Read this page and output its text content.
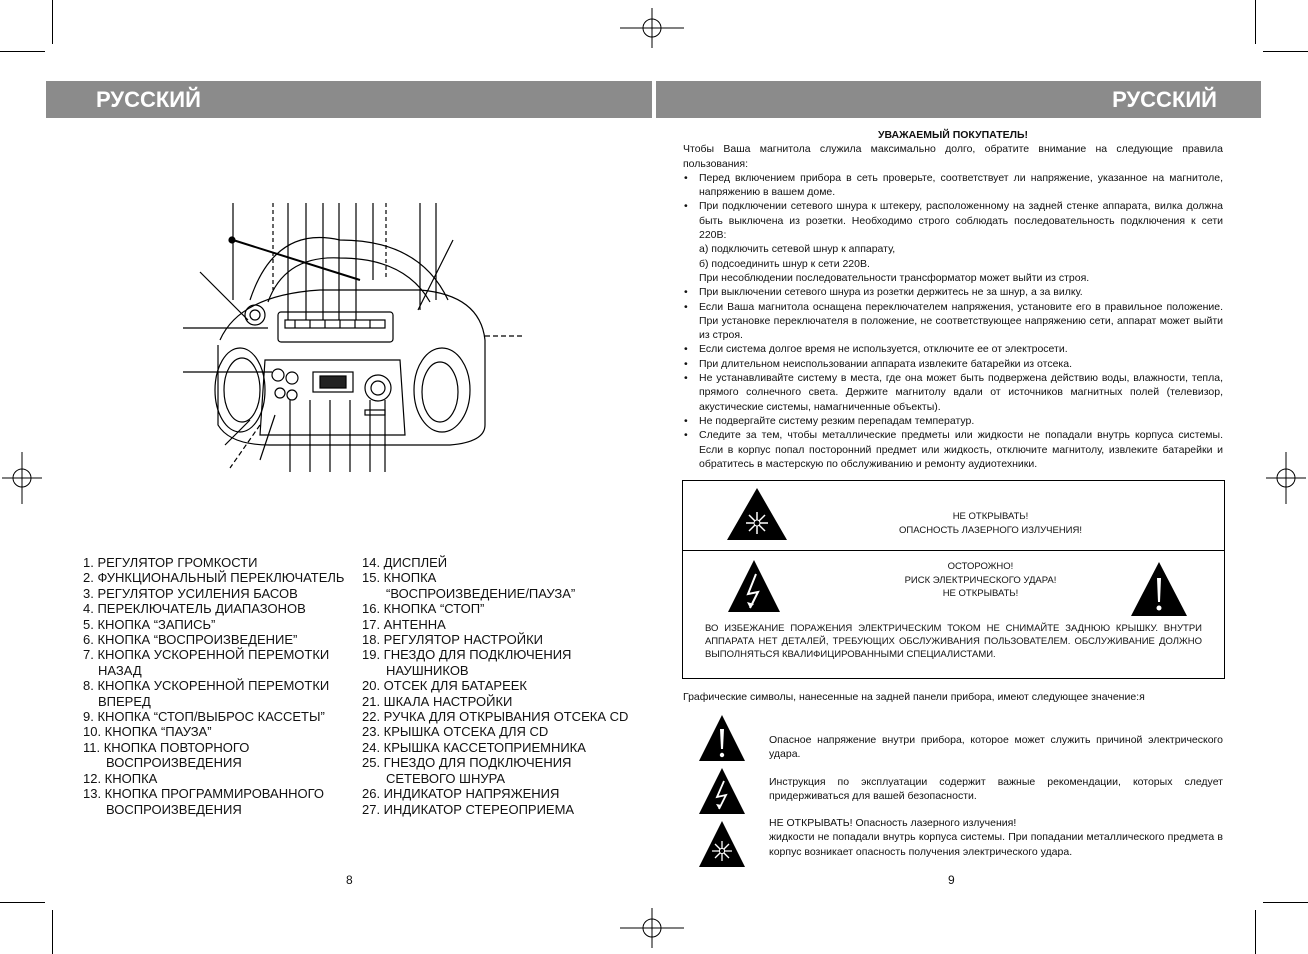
РУССКИЙ	РУССКИЙ
1. РЕГУЛЯТОР ГРОМКОСТИ
2. ФУНКЦИОНАЛЬНЫЙ ПЕРЕКЛЮЧАТЕЛЬ
3. РЕГУЛЯТОР УСИЛЕНИЯ БАСОВ
4. ПЕРЕКЛЮЧАТЕЛЬ ДИАПАЗОНОВ
5. КНОПКА “ЗАПИСЬ”
6. КНОПКА “ВОСПРОИЗВЕДЕНИЕ”
7. КНОПКА УСКОРЕННОЙ ПЕРЕМОТКИ
НАЗАД
8. КНОПКА УСКОРЕННОЙ ПЕРЕМОТКИ
ВПЕРЕД
9. КНОПКА “СТОП/ВЫБРОС КАССЕТЫ”
10. КНОПКА “ПАУЗА”
11. КНОПКА ПОВТОРНОГО
ВОСПРОИЗВЕДЕНИЯ
12. КНОПКА
13. КНОПКА ПРОГРАММИРОВАННОГО
ВОСПРОИЗВЕДЕНИЯ
14. ДИСПЛЕЙ
15. КНОПКА
“ВОСПРОИЗВЕДЕНИЕ/ПАУЗА”
16. КНОПКА “СТОП”
17. АНТЕННА
18. РЕГУЛЯТОР НАСТРОЙКИ
19. ГНЕЗДО ДЛЯ ПОДКЛЮЧЕНИЯ
НАУШНИКОВ
20. ОТСЕК ДЛЯ БАТАРЕЕК
21. ШКАЛА НАСТРОЙКИ
22. РУЧКА ДЛЯ ОТКРЫВАНИЯ ОТСЕКА CD
23. КРЫШКА ОТСЕКА ДЛЯ CD
24. КРЫШКА КАССЕТОПРИЕМНИКА
25. ГНЕЗДО ДЛЯ ПОДКЛЮЧЕНИЯ
СЕТЕВОГО ШНУРА
26. ИНДИКАТОР НАПРЯЖЕНИЯ
27. ИНДИКАТОР СТЕРЕОПРИЕМА
8	9
УВАЖАЕМЫЙ ПОКУПАТЕЛЬ!
Чтобы Ваша магнитола служила максимально долго, обратите внимание на следующие правила пользования:
• Перед включением прибора в сеть проверьте, соответствует ли напряжение, указанное на магнитоле, напряжению в вашем доме.
• При подключении сетевого шнура к штекеру, расположенному на задней стенке аппарата, вилка должна быть выключена из розетки. Необходимо строго соблюдать последовательность подключения к сети 220В:
а) подключить сетевой шнур к аппарату,
б) подсоединить шнур к сети 220В.
При несоблюдении последовательности трансформатор может выйти из строя.
• При выключении сетевого шнура из розетки держитесь не за шнур, а за вилку.
• Если Ваша магнитола оснащена переключателем напряжения, установите его в правильное положение. При установке переключателя в положение, не соответствующее напряжению сети, аппарат может выйти из строя.
• Если система долгое время не используется, отключите ее от электросети.
• При длительном неиспользовании аппарата извлеките батарейки из отсека.
• Не устанавливайте систему в места, где она может быть подвержена действию воды, влажности, тепла, прямого солнечного света. Держите магнитолу вдали от источников магнитных полей (телевизор, акустические системы, намагниченные объекты).
• Не подвергайте систему резким перепадам температур.
• Следите за тем, чтобы металлические предметы или жидкости не попадали внутрь корпуса системы. Если в корпус попал посторонний предмет или жидкость, отключите магнитолу, извлеките батарейки и обратитесь в мастерскую по обслуживанию и ремонту аудиотехники.
НЕ ОТКРЫВАТЬ!
ОПАСНОСТЬ ЛАЗЕРНОГО ИЗЛУЧЕНИЯ!
ОСТОРОЖНО!
РИСК ЭЛЕКТРИЧЕСКОГО УДАРА!
НЕ ОТКРЫВАТЬ!
ВО ИЗБЕЖАНИЕ ПОРАЖЕНИЯ ЭЛЕКТРИЧЕСКИМ ТОКОМ НЕ СНИМАЙТЕ ЗАДНЮЮ КРЫШКУ. ВНУТРИ АППАРАТА НЕТ ДЕТАЛЕЙ, ТРЕБУЮЩИХ ОБСЛУЖИВАНИЯ ПОЛЬЗОВАТЕЛЕМ. ОБСЛУЖИВАНИЕ ДОЛЖНО ВЫПОЛНЯТЬСЯ КВАЛИФИЦИРОВАННЫМИ СПЕЦИАЛИСТАМИ.
Графические символы, нанесенные на задней панели прибора, имеют следующее значение:я
Опасное напряжение внутри прибора, которое может служить причиной электрического удара.
Инструкция по эксплуатации содержит важные рекомендации, которых следует придерживаться для вашей безопасности.
НЕ ОТКРЫВАТЬ! Опасность лазерного излучения!
жидкости не попадали внутрь корпуса системы. При попадании металлического предмета в корпус возникает опасность получения электрического удара.
